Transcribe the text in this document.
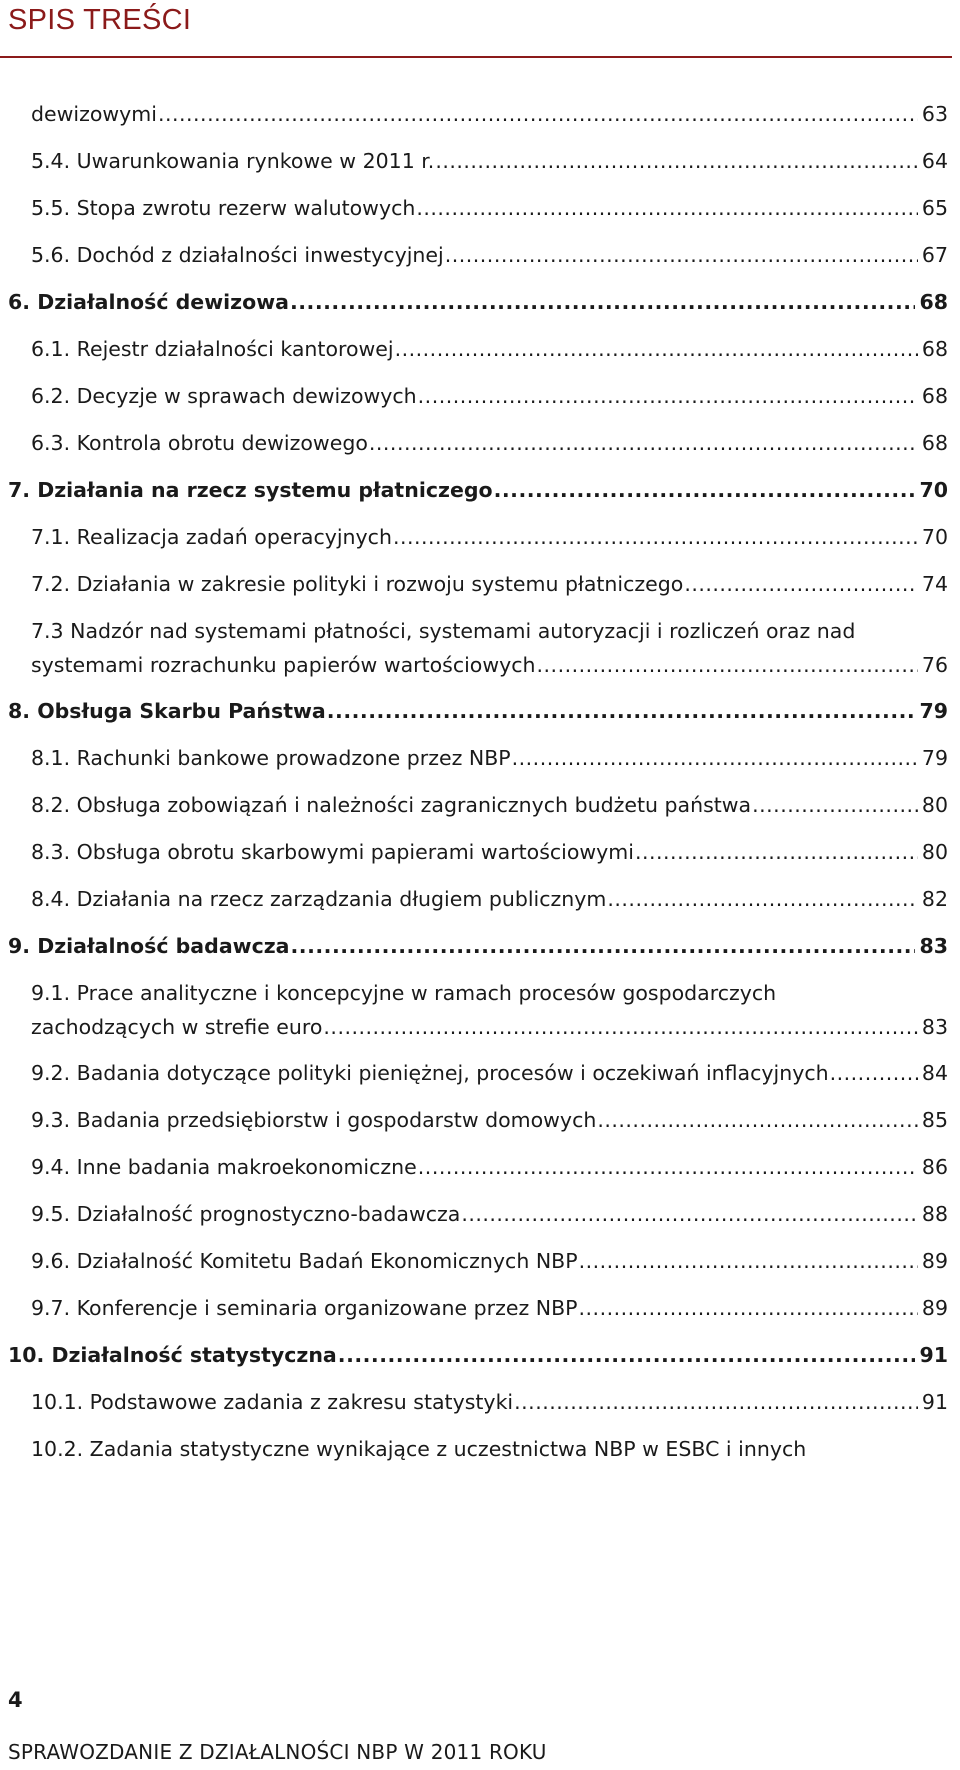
SPIS TREŚCI
dewizowymi .....	63
5.4. Uwarunkowania rynkowe w 2011 r. .....	64
5.5. Stopa zwrotu rezerw walutowych .....	65
5.6. Dochód z działalności inwestycyjnej .....	67
6. Działalność dewizowa .....	68
6.1. Rejestr działalności kantorowej .....	68
6.2. Decyzje w sprawach dewizowych .....	68
6.3. Kontrola obrotu dewizowego .....	68
7. Działania na rzecz systemu płatniczego .....	70
7.1. Realizacja zadań operacyjnych .....	70
7.2. Działania w zakresie polityki i rozwoju systemu płatniczego .....	74
7.3 Nadzór nad systemami płatności, systemami autoryzacji i rozliczeń oraz nad
systemami rozrachunku papierów wartościowych .....	76
8. Obsługa Skarbu Państwa .....	79
8.1. Rachunki bankowe prowadzone przez NBP .....	79
8.2. Obsługa zobowiązań i należności zagranicznych budżetu państwa .....	80
8.3. Obsługa obrotu skarbowymi papierami wartościowymi .....	80
8.4. Działania na rzecz zarządzania długiem publicznym .....	82
9. Działalność badawcza .....	83
9.1. Prace analityczne i koncepcyjne w ramach procesów gospodarczych
zachodzących w strefie euro .....	83
9.2. Badania dotyczące polityki pieniężnej, procesów i oczekiwań inflacyjnych .....	84
9.3. Badania przedsiębiorstw i gospodarstw domowych .....	85
9.4. Inne badania makroekonomiczne .....	86
9.5. Działalność prognostyczno-badawcza .....	88
9.6. Działalność Komitetu Badań Ekonomicznych NBP .....	89
9.7. Konferencje i seminaria organizowane przez NBP .....	89
10. Działalność statystyczna .....	91
10.1. Podstawowe zadania z zakresu statystyki .....	91
10.2. Zadania statystyczne wynikające z uczestnictwa NBP w ESBC i innych
4
SPRAWOZDANIE Z DZIAŁALNOŚCI NBP W 2011 ROKU
